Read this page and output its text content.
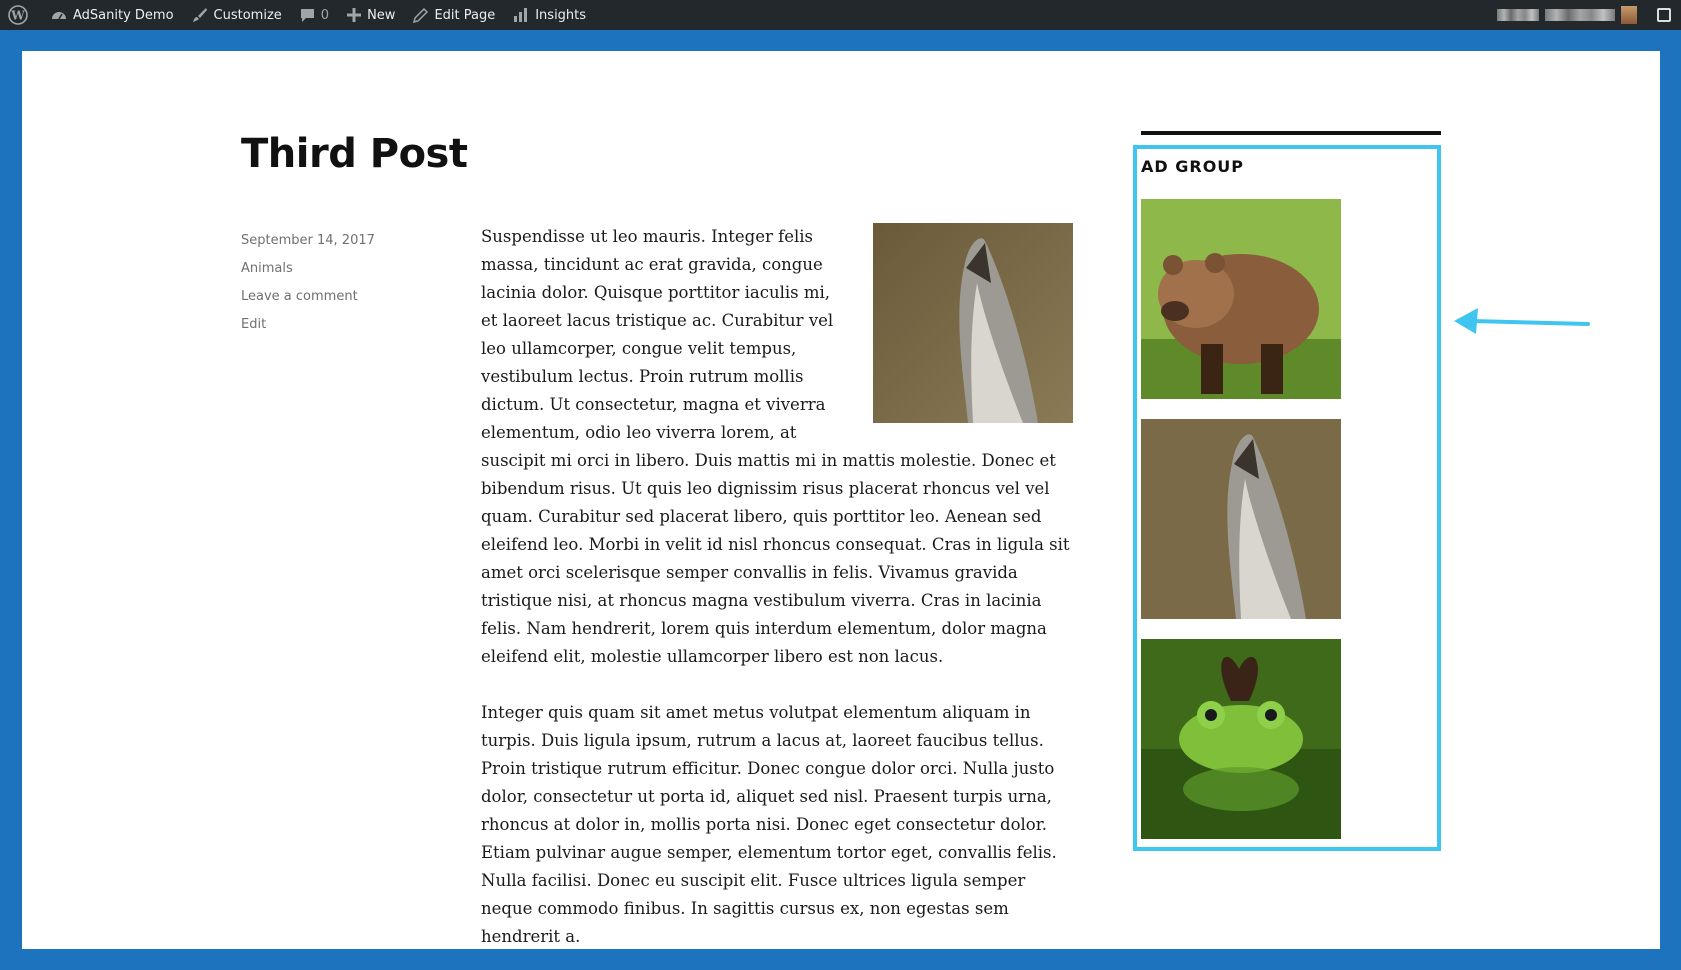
W	AdSanity Demo	Customize	0	New	Edit Page	Insights
Third Post
September 14, 2017
Animals
Leave a comment
Edit

Suspendisse ut leo mauris. Integer felis massa, tincidunt ac erat gravida, congue lacinia dolor. Quisque porttitor iaculis mi, et laoreet lacus tristique ac. Curabitur vel leo ullamcorper, congue velit tempus, vestibulum lectus. Proin rutrum mollis dictum. Ut consectetur, magna et viverra elementum, odio leo viverra lorem, at suscipit mi orci in libero. Duis mattis mi in mattis molestie. Donec et bibendum risus. Ut quis leo dignissim risus placerat rhoncus vel vel quam. Curabitur sed placerat libero, quis porttitor leo. Aenean sed eleifend leo. Morbi in velit id nisl rhoncus consequat. Cras in ligula sit amet orci scelerisque semper convallis in felis. Vivamus gravida tristique nisi, at rhoncus magna vestibulum viverra. Cras in lacinia felis. Nam hendrerit, lorem quis interdum elementum, dolor magna eleifend elit, molestie ullamcorper libero est non lacus.

Integer quis quam sit amet metus volutpat elementum aliquam in turpis. Duis ligula ipsum, rutrum a lacus at, laoreet faucibus tellus. Proin tristique rutrum efficitur. Donec congue dolor orci. Nulla justo dolor, consectetur ut porta id, aliquet sed nisl. Praesent turpis urna, rhoncus at dolor in, mollis porta nisi. Donec eget consectetur dolor. Etiam pulvinar augue semper, elementum tortor eget, convallis felis. Nulla facilisi. Donec eu suscipit elit. Fusce ultrices ligula semper neque commodo finibus. In sagittis cursus ex, non egestas sem hendrerit a.

AD GROUP
